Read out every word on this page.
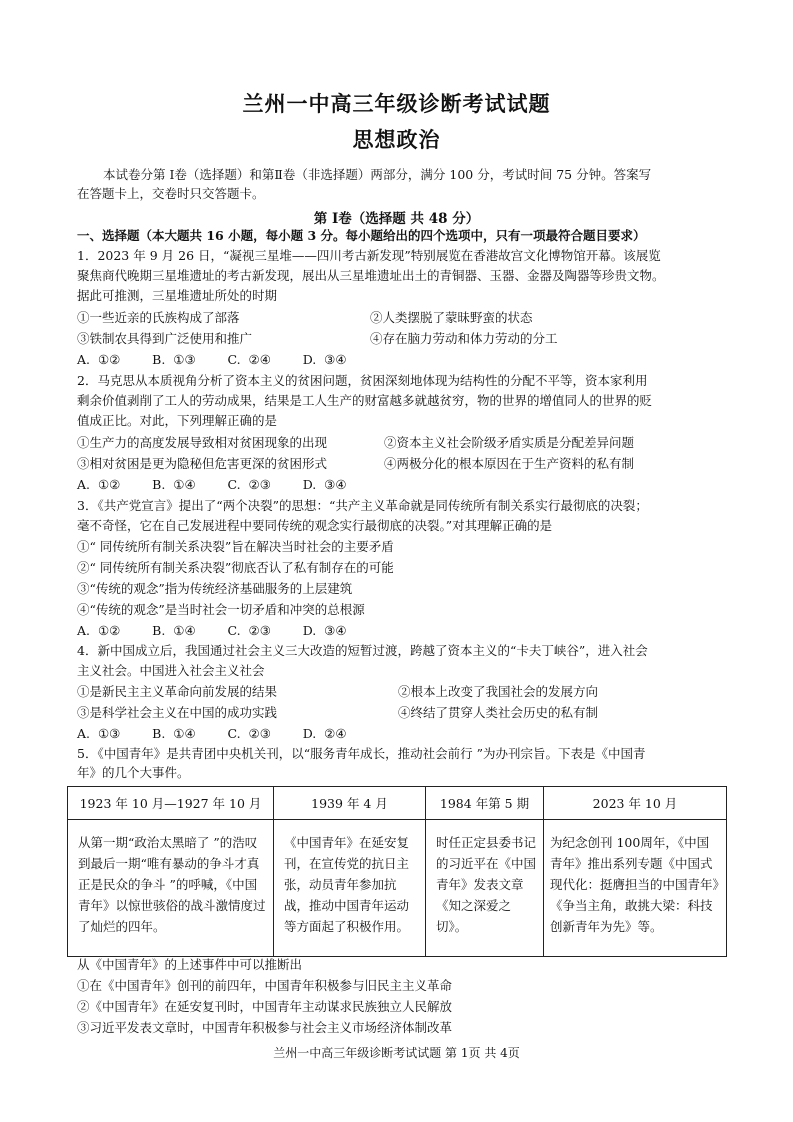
兰州一中高三年级诊断考试试题
思想政治
本试卷分第 Ⅰ卷（选择题）和第Ⅱ卷（非选择题）两部分，满分 100 分，考试时间 75 分钟。答案写
在答题卡上，交卷时只交答题卡。
第 Ⅰ卷（选择题 共 48 分）
一、选择题（本大题共 16 小题，每小题 3 分。每小题给出的四个选项中，只有一项最符合题目要求）
1．2023 年 9 月 26 日，“凝视三星堆——四川考古新发现”特别展览在香港故宫文化博物馆开幕。该展览
聚焦商代晚期三星堆遗址的考古新发现，展出从三星堆遗址出土的青铜器、玉器、金器及陶器等珍贵文物。
据此可推测，三星堆遗址所处的时期
①一些近亲的氏族构成了部落	②人类摆脱了蒙昧野蛮的状态
③铁制农具得到广泛使用和推广	④存在脑力劳动和体力劳动的分工
A.  ①②        B.  ①③        C.  ②④        D.  ③④
2．马克思从本质视角分析了资本主义的贫困问题，贫困深刻地体现为结构性的分配不平等，资本家利用
剩余价值剥削了工人的劳动成果，结果是工人生产的财富越多就越贫穷，物的世界的增值同人的世界的贬
值成正比。对此，下列理解正确的是
①生产力的高度发展导致相对贫困现象的出现	②资本主义社会阶级矛盾实质是分配差异问题
③相对贫困是更为隐秘但危害更深的贫困形式	④两极分化的根本原因在于生产资料的私有制
A.  ①②        B.  ①④        C.  ②③        D.  ③④
3．《共产党宣言》提出了“两个决裂”的思想：“共产主义革命就是同传统所有制关系实行最彻底的决裂；
毫不奇怪，它在自己发展进程中要同传统的观念实行最彻底的决裂。”对其理解正确的是
①“ 同传统所有制关系决裂”旨在解决当时社会的主要矛盾
②“ 同传统所有制关系决裂”彻底否认了私有制存在的可能
③“传统的观念”指为传统经济基础服务的上层建筑
④“传统的观念”是当时社会一切矛盾和冲突的总根源
A.  ①②        B.  ①④        C.  ②③        D.  ③④
4．新中国成立后，我国通过社会主义三大改造的短暂过渡，跨越了资本主义的“卡夫丁峡谷”，进入社会
主义社会。中国进入社会主义社会
①是新民主主义革命向前发展的结果	②根本上改变了我国社会的发展方向
③是科学社会主义在中国的成功实践	④终结了贯穿人类社会历史的私有制
A.  ①③        B.  ①④        C.  ②③        D.  ②④
5．《中国青年》是共青团中央机关刊，以“服务青年成长，推动社会前行 ”为办刊宗旨。下表是《中国青
年》的几个大事件。
1923 年 10 月—1927 年 10 月	1939 年 4 月	1984 年第 5 期	2023 年 10 月
从第一期“政治太黑暗了 ”的浩叹到最后一期“唯有暴动的争斗才真正是民众的争斗 ”的呼喊，《中国青年》以惊世骇俗的战斗激情度过了灿烂的四年。	《中国青年》在延安复刊，在宣传党的抗日主张，动员青年参加抗战，推动中国青年运动等方面起了积极作用。	时任正定县委书记的习近平在《中国青年》发表文章《知之深爱之切》。	为纪念创刊 100周年，《中国青年》推出系列专题《中国式现代化：挺膺担当的中国青年》《争当主角，敢挑大梁：科技创新青年为先》等。
从《中国青年》的上述事件中可以推断出
①在《中国青年》创刊的前四年，中国青年积极参与旧民主主义革命
②《中国青年》在延安复刊时，中国青年主动谋求民族独立人民解放
③习近平发表文章时，中国青年积极参与社会主义市场经济体制改革
兰州一中高三年级诊断考试试题 第 1页 共 4页
